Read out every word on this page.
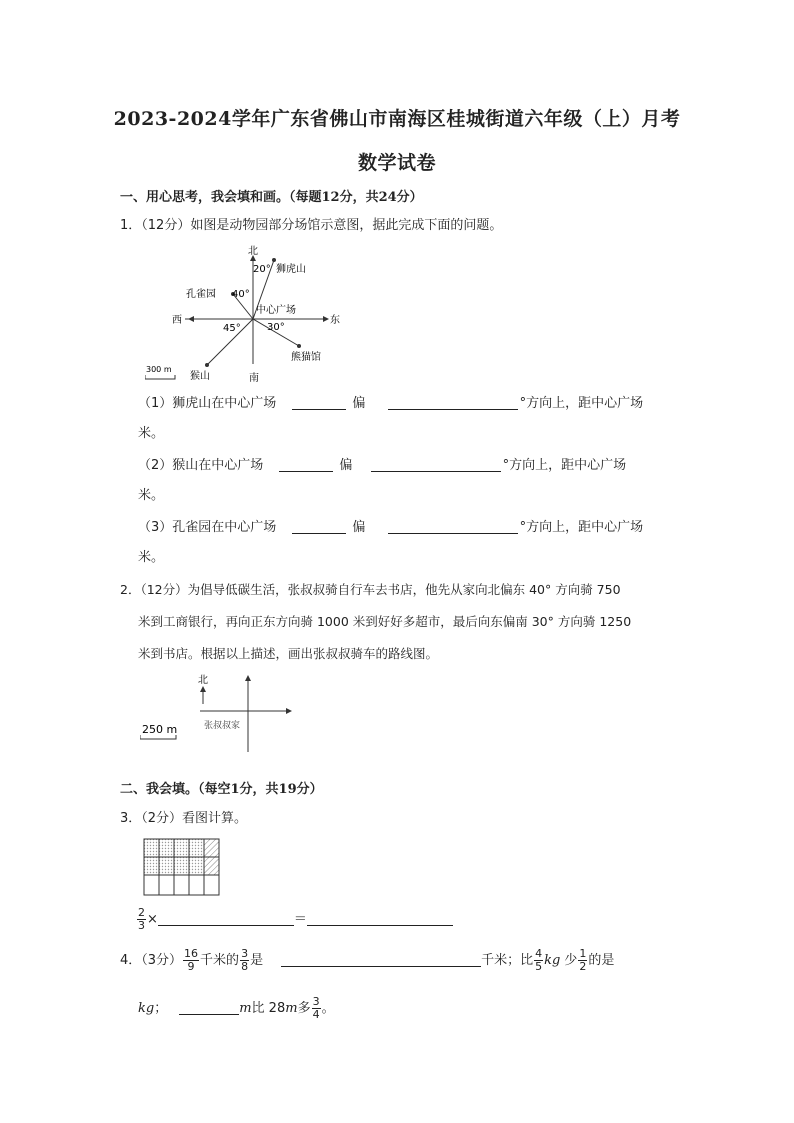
2023-2024学年广东省佛山市南海区桂城街道六年级（上）月考
数学试卷
一、用心思考，我会填和画。（每题12分，共24分）
1．（12分）如图是动物园部分场馆示意图，据此完成下面的问题。
北
南
东
西
20° 狮虎山
孔雀园 40°
中心广场
30°
熊猫馆
45°
猴山
300 m
（1）狮虎山在中心广场	偏	°方向上，距中心广场
米。
（2）猴山在中心广场	偏	°方向上，距中心广场
米。
（3）孔雀园在中心广场	偏	°方向上，距中心广场
米。
2．（12分）为倡导低碳生活，张叔叔骑自行车去书店，他先从家向北偏东 40° 方向骑 750
米到工商银行，再向正东方向骑 1000 米到好好多超市，最后向东偏南 30° 方向骑 1250
米到书店。根据以上描述，画出张叔叔骑车的路线图。
北
张叔叔家
250 m
二、我会填。（每空1分，共19分）
3．（2分）看图计算。
$\frac{2}{3}$ ×	＝
4．（3分） $\frac{16}{9}$ 千米的 $\frac{3}{8}$ 是	千米；比 $\frac{4}{5}$ kg 少 $\frac{1}{2}$ 的是
kg；	m比 28m多 $\frac{3}{4}$ 。
